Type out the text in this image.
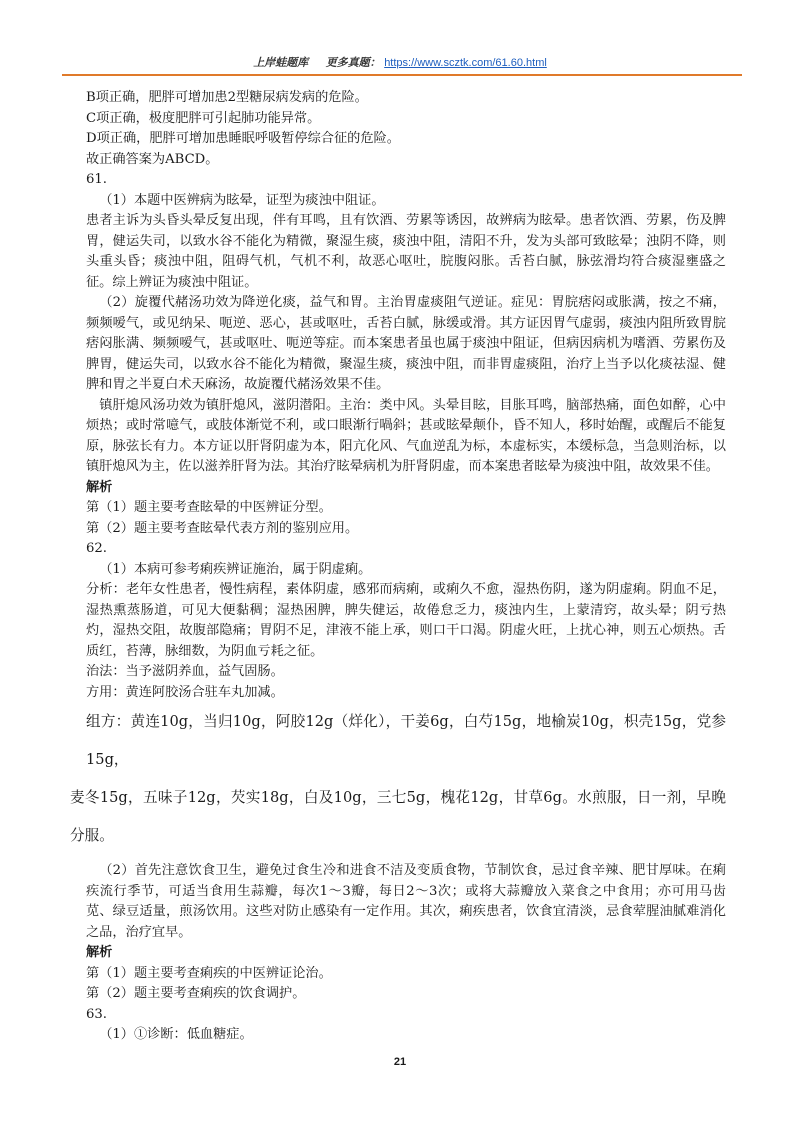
上岸蛙题库 更多真题： https://www.scztk.com/61.60.html

B项正确，肥胖可增加患2型糖尿病发病的危险。

C项正确，极度肥胖可引起肺功能异常。

D项正确，肥胖可增加患睡眠呼吸暂停综合征的危险。

故正确答案为ABCD。

61.

（1）本题中医辨病为眩晕，证型为痰浊中阻证。

患者主诉为头昏头晕反复出现，伴有耳鸣，且有饮酒、劳累等诱因，故辨病为眩晕。患者饮酒、劳累，伤及脾胃，健运失司，以致水谷不能化为精微，聚湿生痰，痰浊中阻，清阳不升，发为头部可致眩晕；浊阴不降，则头重头昏；痰浊中阻，阻碍气机，气机不利，故恶心呕吐，脘腹闷胀。舌苔白腻，脉弦滑均符合痰湿壅盛之征。综上辨证为痰浊中阻证。

（2）旋覆代赭汤功效为降逆化痰，益气和胃。主治胃虚痰阻气逆证。症见：胃脘痞闷或胀满，按之不痛，频频嗳气，或见纳呆、呃逆、恶心，甚或呕吐，舌苔白腻，脉缓或滑。其方证因胃气虚弱，痰浊内阻所致胃脘痞闷胀满、频频嗳气，甚或呕吐、呃逆等症。而本案患者虽也属于痰浊中阻证，但病因病机为嗜酒、劳累伤及脾胃，健运失司，以致水谷不能化为精微，聚湿生痰，痰浊中阻，而非胃虚痰阻，治疗上当予以化痰祛湿、健脾和胃之半夏白术天麻汤，故旋覆代赭汤效果不佳。

镇肝熄风汤功效为镇肝熄风，滋阴潜阳。主治：类中风。头晕目眩，目胀耳鸣，脑部热痛，面色如醉，心中烦热；或时常噫气，或肢体渐觉不利，或口眼渐行喎斜；甚或眩晕颠仆，昏不知人，移时始醒，或醒后不能复原，脉弦长有力。本方证以肝肾阴虚为本，阳亢化风、气血逆乱为标，本虚标实，本缓标急，当急则治标，以镇肝熄风为主，佐以滋养肝肾为法。其治疗眩晕病机为肝肾阴虚，而本案患者眩晕为痰浊中阻，故效果不佳。

解析

第（1）题主要考查眩晕的中医辨证分型。

第（2）题主要考查眩晕代表方剂的鉴别应用。

62.

（1）本病可参考痢疾辨证施治，属于阴虚痢。

分析：老年女性患者，慢性病程，素体阴虚，感邪而病痢，或痢久不愈，湿热伤阴，遂为阴虚痢。阴血不足，湿热熏蒸肠道，可见大便黏稠；湿热困脾，脾失健运，故倦怠乏力，痰浊内生，上蒙清窍，故头晕；阴亏热灼，湿热交阻，故腹部隐痛；胃阴不足，津液不能上承，则口干口渴。阴虚火旺，上扰心神，则五心烦热。舌质红，苔薄，脉细数，为阴血亏耗之征。

治法：当予滋阴养血，益气固肠。

方用：黄连阿胶汤合驻车丸加减。

组方：黄连10g，当归10g，阿胶12g（烊化），干姜6g，白芍15g，地榆炭10g，枳壳15g，党参15g，

麦冬15g，五味子12g，芡实18g，白及10g，三七5g，槐花12g，甘草6g。水煎服，日一剂，早晚分服。

（2）首先注意饮食卫生，避免过食生冷和进食不洁及变质食物，节制饮食，忌过食辛辣、肥甘厚味。在痢疾流行季节，可适当食用生蒜瓣，每次1～3瓣，每日2～3次；或将大蒜瓣放入菜食之中食用；亦可用马齿苋、绿豆适量，煎汤饮用。这些对防止感染有一定作用。其次，痢疾患者，饮食宜清淡，忌食荤腥油腻难消化之品，治疗宜早。

解析

第（1）题主要考查痢疾的中医辨证论治。

第（2）题主要考查痢疾的饮食调护。

63.

（1）①诊断：低血糖症。

21
